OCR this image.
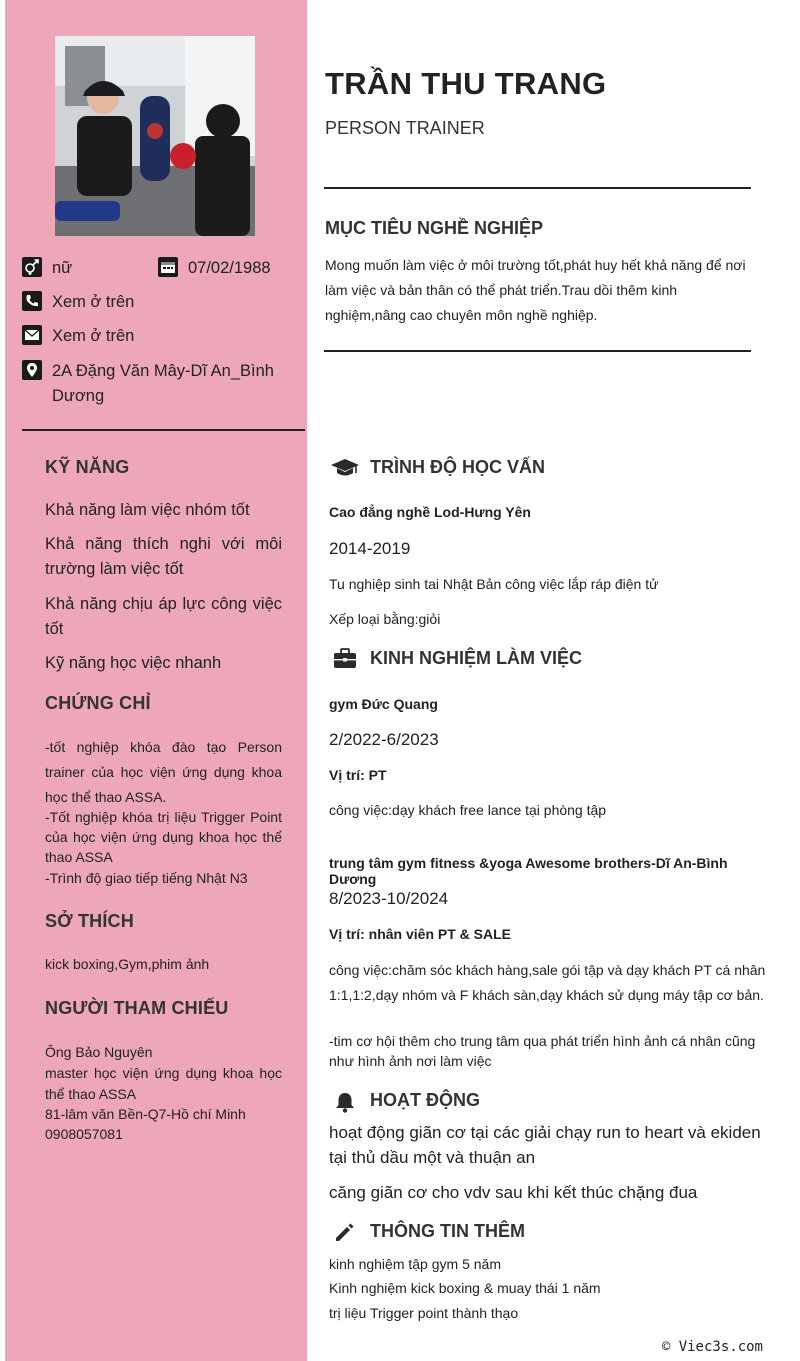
nữ	07/02/1988
Xem ở trên
Xem ở trên
2A Đặng Văn Mây-Dĩ An_Bình Dương
KỸ NĂNG
Khả năng làm việc nhóm tốt
Khả năng thích nghi với môi trường làm việc tốt
Khả năng chịu áp lực công việc tốt
Kỹ năng học việc nhanh
CHỨNG CHỈ
-tốt nghiệp khóa đào tạo Person trainer của học viện ứng dụng khoa học thể thao ASSA.
-Tốt nghiệp khóa trị liệu Trigger Point của học viện ứng dụng khoa học thể thao ASSA
-Trình độ giao tiếp tiếng Nhật N3
SỞ THÍCH
kick boxing,Gym,phim ảnh
NGƯỜI THAM CHIẾU
Ông Bảo Nguyên
master học viện ứng dụng khoa học thể thao ASSA
81-lâm văn Bền-Q7-Hồ chí Minh
0908057081
TRẦN THU TRANG
PERSON TRAINER
MỤC TIÊU NGHỀ NGHIỆP
Mong muốn làm việc ở môi trường tốt,phát huy hết khả năng để nơi làm việc và bản thân có thể phát triển.Trau dồi thêm kinh nghiệm,nâng cao chuyên môn nghề nghiệp.
TRÌNH ĐỘ HỌC VẤN
Cao đẳng nghề Lod-Hưng Yên
2014-2019
Tu nghiệp sinh tai Nhật Bản công việc lắp ráp điện tử
Xếp loại bằng:giỏi
KINH NGHIỆM LÀM VIỆC
gym Đức Quang
2/2022-6/2023
Vị trí: PT
công việc:dạy khách free lance tại phòng tập
trung tâm gym fitness &yoga Awesome brothers-Dĩ An-Bình Dương
8/2023-10/2024
Vị trí: nhân viên PT & SALE
công việc:chăm sóc khách hàng,sale gói tập và dạy khách PT cá nhân 1:1,1:2,dạy nhóm và F khách sàn,dạy khách sử dụng máy tập cơ bản.
-tim cơ hội thêm cho trung tâm qua phát triển hình ảnh cá nhân cũng như hình ảnh nơi làm việc
HOẠT ĐỘNG
hoạt động giãn cơ tại các giải chạy run to heart và ekiden tại thủ dầu một và thuận an
căng giãn cơ cho vdv sau khi kết thúc chặng đua
THÔNG TIN THÊM
kinh nghiệm tập gym 5 năm
Kinh nghiệm kick boxing & muay thái 1 năm
trị liệu Trigger point thành thạo
© Viec3s.com
